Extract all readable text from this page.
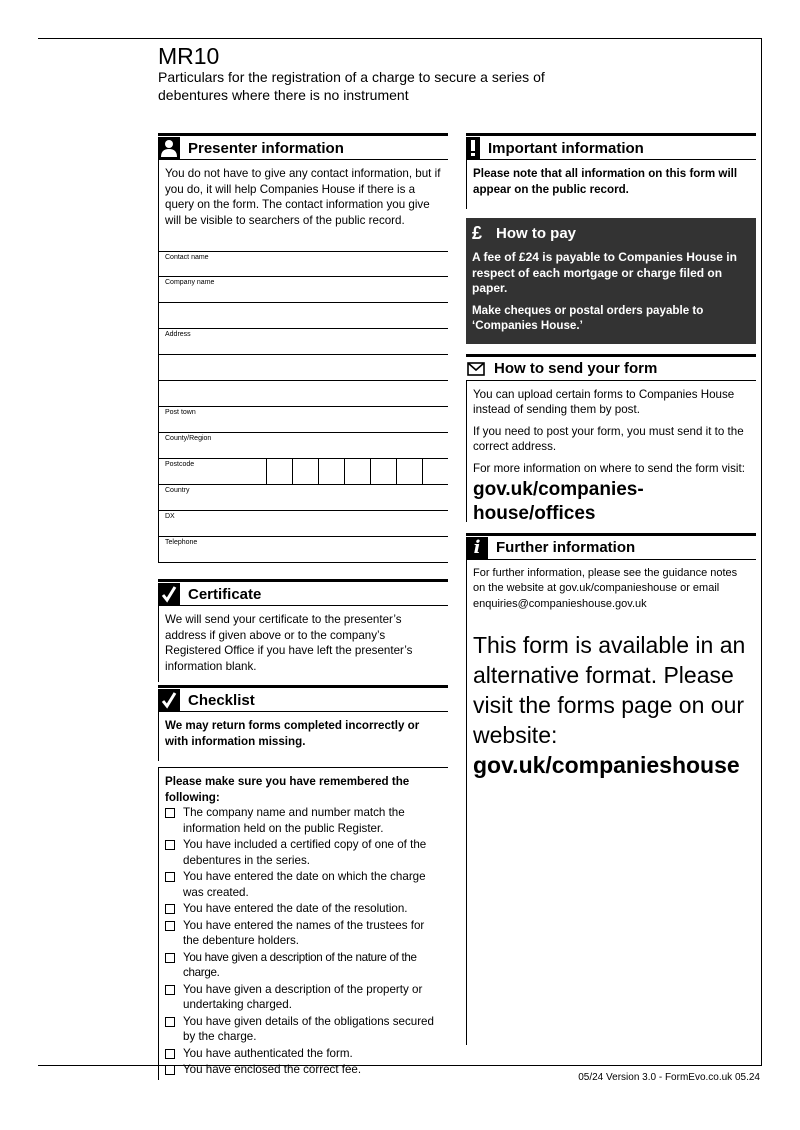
MR10
Particulars for the registration of a charge to secure a series of debentures where there is no instrument
Presenter information

You do not have to give any contact information, but if you do, it will help Companies House if there is a query on the form. The contact information you give will be visible to searchers of the public record.

Contact name
Company name
Address
Post town
County/Region
Postcode
Country
DX
Telephone
Certificate

We will send your certificate to the presenter’s address if given above or to the company’s Registered Office if you have left the presenter’s information blank.

Checklist

We may return forms completed incorrectly or with information missing.

Please make sure you have remembered the following:

The company name and number match the information held on the public Register.
You have included a certified copy of one of the debentures in the series.
You have entered the date on which the charge was created.
You have entered the date of the resolution.
You have entered the names of the trustees for the debenture holders.
You have given a description of the nature of the charge.
You have given a description of the property or undertaking charged.
You have given details of the obligations secured by the charge.
You have authenticated the form.
You have enclosed the correct fee.
Important information

Please note that all information on this form will appear on the public record.

£ How to pay

A fee of £24 is payable to Companies House in respect of each mortgage or charge filed on paper.

Make cheques or postal orders payable to ‘Companies House.’

How to send your form

You can upload certain forms to Companies House instead of sending them by post.

If you need to post your form, you must send it to the correct address.

For more information on where to send the form visit:

gov.uk/companies-house/offices
i	Further information

For further information, please see the guidance notes on the website at gov.uk/companieshouse or email enquiries@companieshouse.gov.uk

This form is available in an alternative format. Please visit the forms page on our website:
gov.uk/companieshouse
05/24 Version 3.0 - FormEvo.co.uk 05.24
